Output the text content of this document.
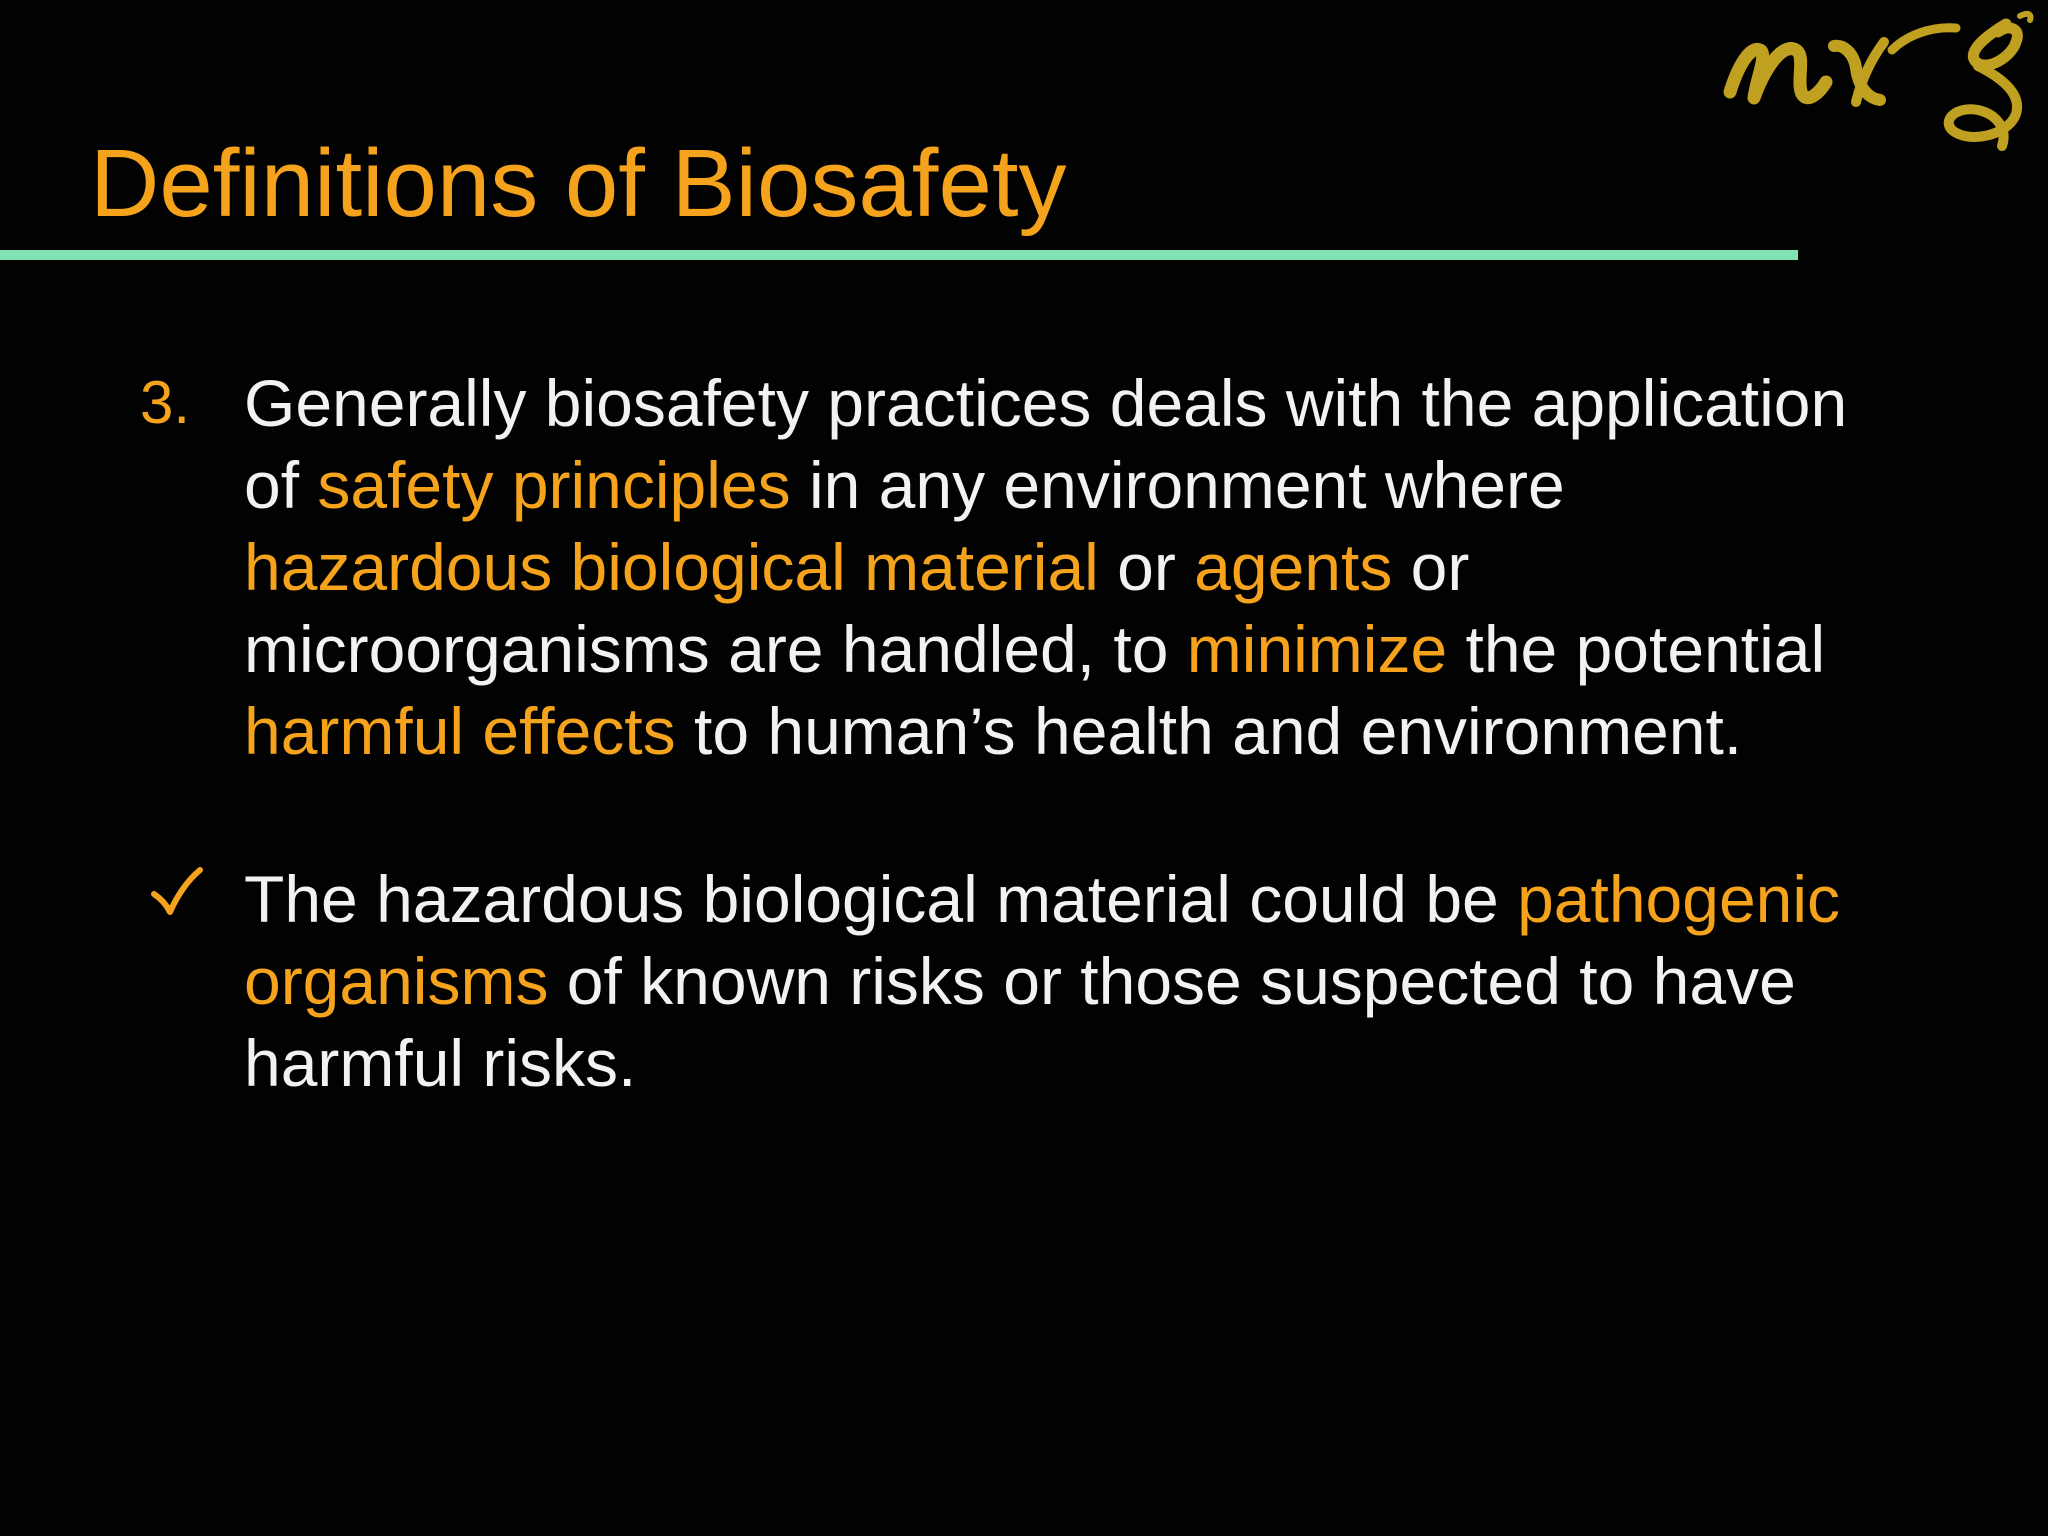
Definitions of Biosafety
3. Generally biosafety practices deals with the application
of safety principles in any environment where
hazardous biological material or agents or
microorganisms are handled, to minimize the potential
harmful effects to human’s health and environment.
The hazardous biological material could be pathogenic
organisms of known risks or those suspected to have
harmful risks.
